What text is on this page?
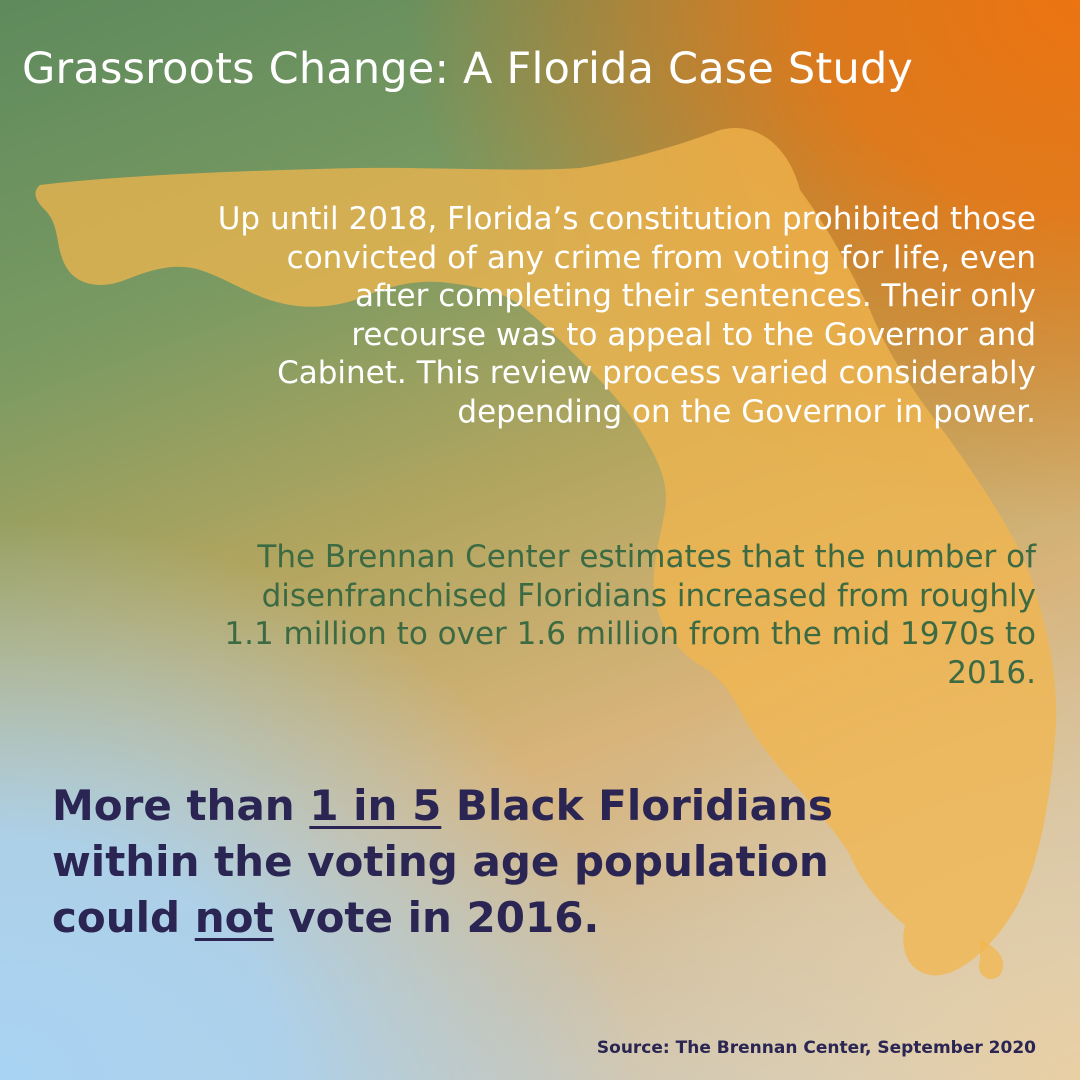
Grassroots Change: A Florida Case Study

Up until 2018, Florida’s constitution prohibited those convicted of any crime from voting for life, even after completing their sentences. Their only recourse was to appeal to the Governor and Cabinet. This review process varied considerably depending on the Governor in power.

The Brennan Center estimates that the number of disenfranchised Floridians increased from roughly 1.1 million to over 1.6 million from the mid 1970s to 2016.

More than 1 in 5 Black Floridians within the voting age population could not vote in 2016.

Source: The Brennan Center, September 2020
